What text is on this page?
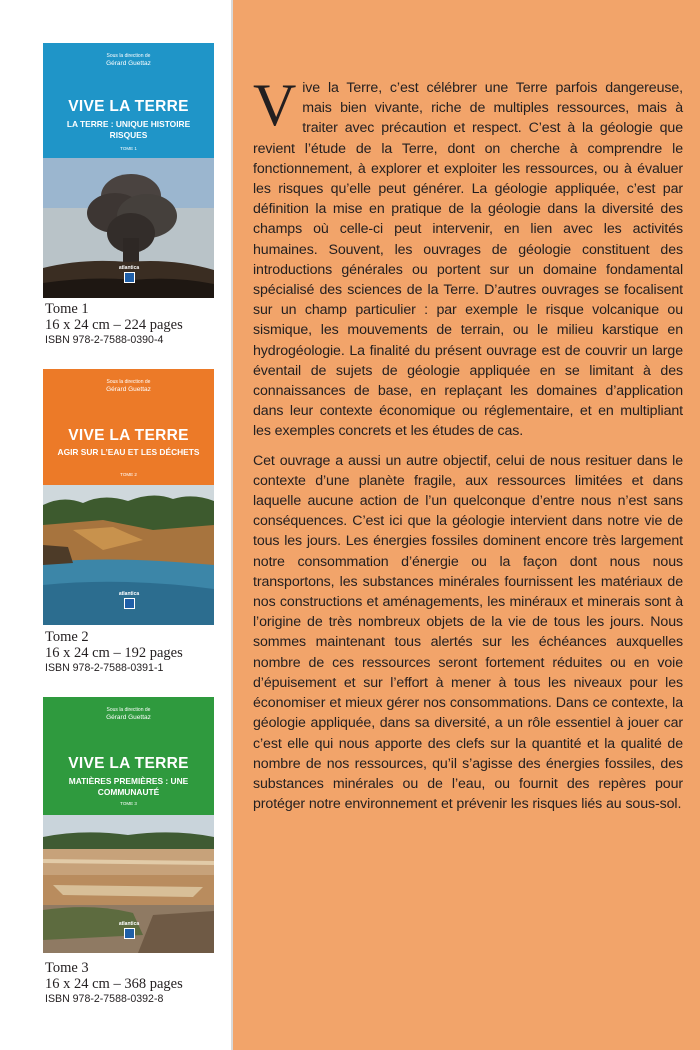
Sous la direction de
Gérard Guettaz
VIVE LA TERRE
LA TERRE : UNIQUE HISTOIRE RISQUES
TOME 1
atlantica
Tome 1
16 x 24 cm – 224 pages
ISBN 978-2-7588-0390-4
Sous la direction de
Gérard Guettaz
VIVE LA TERRE
AGIR SUR L’EAU ET LES DÉCHETS
TOME 2
atlantica
Tome 2
16 x 24 cm – 192 pages
ISBN 978-2-7588-0391-1
Sous la direction de
Gérard Guettaz
VIVE LA TERRE
MATIÈRES PREMIÈRES : UNE COMMUNAUTÉ
TOME 3
atlantica
Tome 3
16 x 24 cm – 368 pages
ISBN 978-2-7588-0392-8

Vive la Terre, c’est célébrer une Terre parfois dangereuse, mais bien vivante, riche de multiples ressources, mais à traiter avec précaution et respect. C’est à la géologie que revient l’étude de la Terre, dont on cherche à comprendre le fonctionnement, à explorer et exploiter les ressources, ou à évaluer les risques qu’elle peut générer. La géologie appliquée, c’est par définition la mise en pratique de la géologie dans la diversité des champs où celle-ci peut intervenir, en lien avec les activités humaines. Souvent, les ouvrages de géologie constituent des introductions générales ou portent sur un domaine fondamental spécialisé des sciences de la Terre. D’autres ouvrages se focalisent sur un champ particulier : par exemple le risque volcanique ou sismique, les mouvements de terrain, ou le milieu karstique en hydrogéologie. La finalité du présent ouvrage est de couvrir un large éventail de sujets de géologie appliquée en se limitant à des connaissances de base, en replaçant les domaines d’application dans leur contexte économique ou réglementaire, et en multipliant les exemples concrets et les études de cas.

Cet ouvrage a aussi un autre objectif, celui de nous resituer dans le contexte d’une planète fragile, aux ressources limitées et dans laquelle aucune action de l’un quelconque d’entre nous n’est sans conséquences. C’est ici que la géologie intervient dans notre vie de tous les jours. Les énergies fossiles dominent encore très largement notre consommation d’énergie ou la façon dont nous nous transportons, les substances minérales fournissent les matériaux de nos constructions et aménagements, les minéraux et minerais sont à l’origine de très nombreux objets de la vie de tous les jours. Nous sommes maintenant tous alertés sur les échéances auxquelles nombre de ces ressources seront fortement réduites ou en voie d’épuisement et sur l’effort à mener à tous les niveaux pour les économiser et mieux gérer nos consommations. Dans ce contexte, la géologie appliquée, dans sa diversité, a un rôle essentiel à jouer car c’est elle qui nous apporte des clefs sur la quantité et la qualité de nombre de nos ressources, qu’il s’agisse des énergies fossiles, des substances minérales ou de l’eau, ou fournit des repères pour protéger notre environnement et prévenir les risques liés au sous-sol.
